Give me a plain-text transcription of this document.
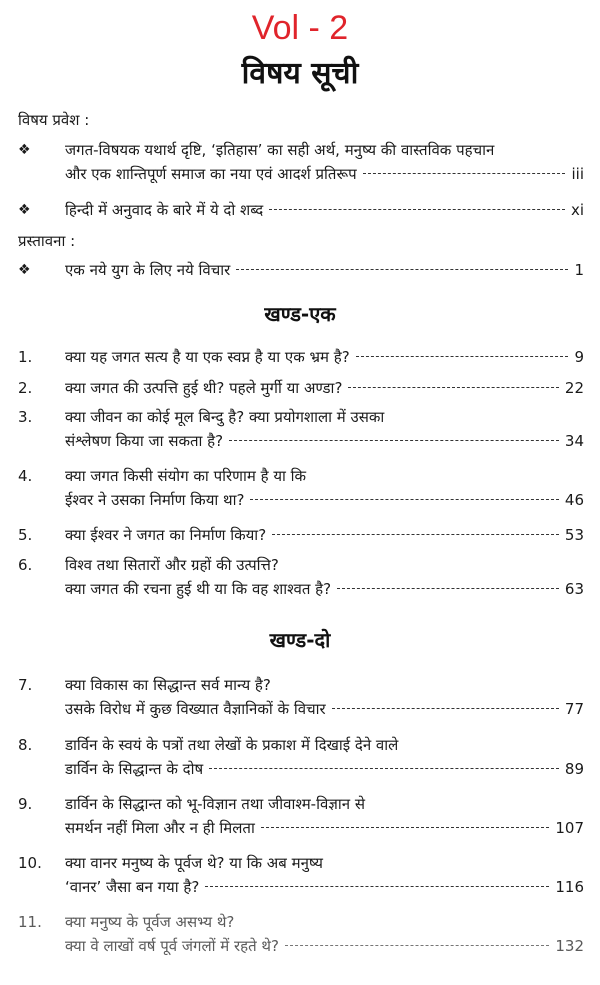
Vol - 2
विषय सूची
विषय प्रवेश :
❖	जगत-विषयक यथार्थ दृष्टि, ‘इतिहास’ का सही अर्थ, मनुष्य की वास्तविक पहचान
और एक शान्तिपूर्ण समाज का नया एवं आदर्श प्रतिरूप	iii
❖	हिन्दी में अनुवाद के बारे में ये दो शब्द	xi
प्रस्तावना :
❖	एक नये युग के लिए नये विचार	1
खण्ड-एक
1.	क्या यह जगत सत्य है या एक स्वप्न है या एक भ्रम है?	9
2.	क्या जगत की उत्पत्ति हुई थी? पहले मुर्गी या अण्डा?	22
3.	क्या जीवन का कोई मूल बिन्दु है? क्या प्रयोगशाला में उसका
संश्लेषण किया जा सकता है?	34
4.	क्या जगत किसी संयोग का परिणाम है या कि
ईश्वर ने उसका निर्माण किया था?	46
5.	क्या ईश्वर ने जगत का निर्माण किया?	53
6.	विश्व तथा सितारों और ग्रहों की उत्पत्ति?
क्या जगत की रचना हुई थी या कि वह शाश्वत है?	63
खण्ड-दो
7.	क्या विकास का सिद्धान्त सर्व मान्य है?
उसके विरोध में कुछ विख्यात वैज्ञानिकों के विचार	77
8.	डार्विन के स्वयं के पत्रों तथा लेखों के प्रकाश में दिखाई देने वाले
डार्विन के सिद्धान्त के दोष	89
9.	डार्विन के सिद्धान्त को भू-विज्ञान तथा जीवाश्म-विज्ञान से
समर्थन नहीं मिला और न ही मिलता	107
10.	क्या वानर मनुष्य के पूर्वज थे? या कि अब मनुष्य
‘वानर’ जैसा बन गया है?	116
11.	क्या मनुष्य के पूर्वज असभ्य थे?
क्या वे लाखों वर्ष पूर्व जंगलों में रहते थे?	132
